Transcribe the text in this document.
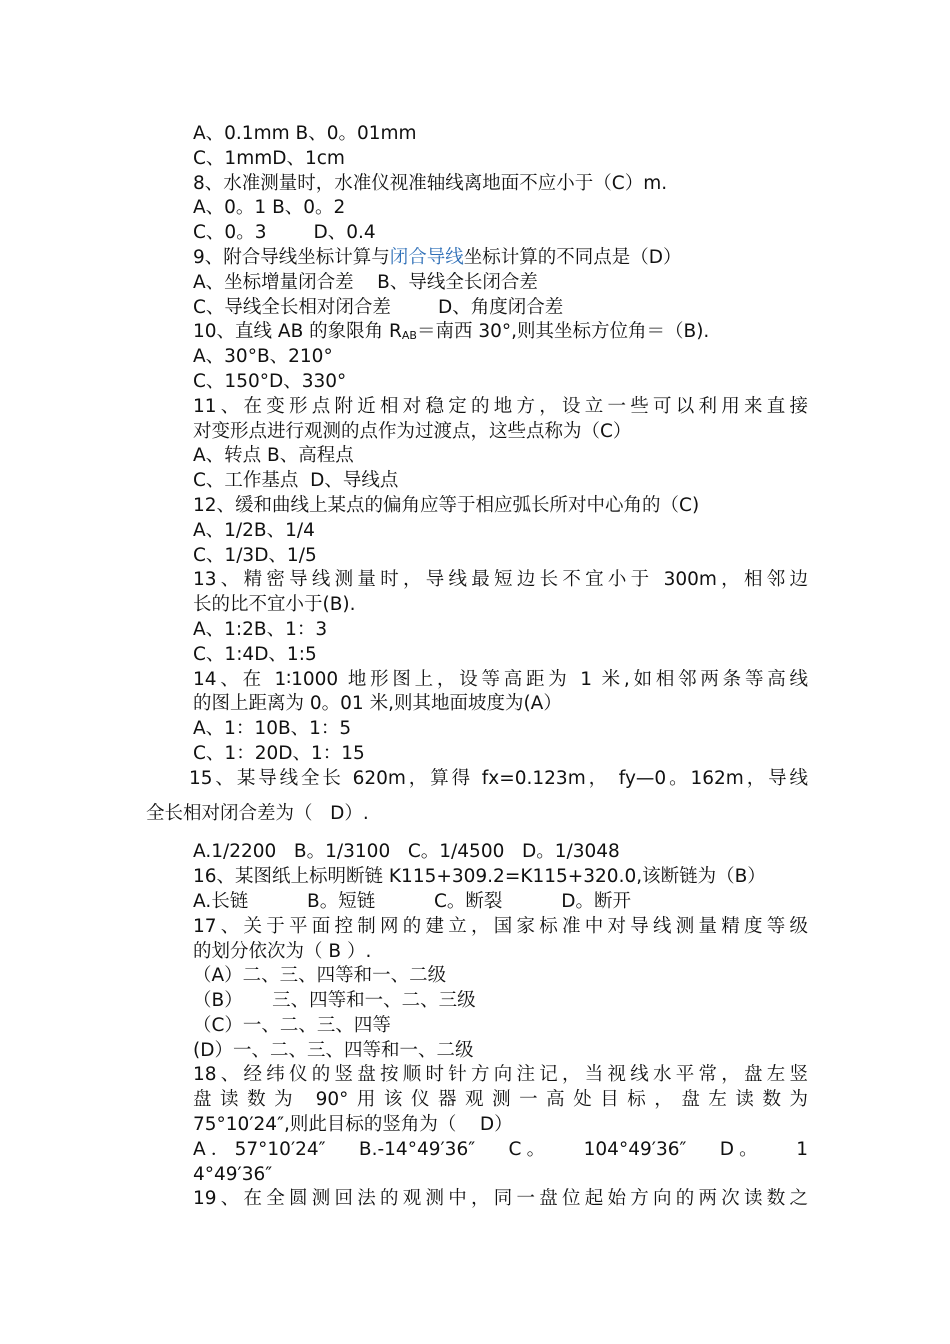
A、0.1mm B、0。01mm
C、1mmD、1cm
8、水准测量时，水准仪视准轴线离地面不应小于（C）m.
A、0。1 B、0。2
C、0。3        D、0.4
9、附合导线坐标计算与闭合导线坐标计算的不同点是（D）
A、坐标增量闭合差    B、导线全长闭合差
C、导线全长相对闭合差        D、角度闭合差
10、直线 AB 的象限角 $R_{AB}=$南西 30°,则其坐标方位角＝（B).
A、30°B、210°
C、150°D、330°
11、在变形点附近相对稳定的地方，设立一些可以利用来直接
对变形点进行观测的点作为过渡点，这些点称为（C）
A、转点 B、高程点
C、工作基点  D、导线点
12、缓和曲线上某点的偏角应等于相应弧长所对中心角的（C)
A、1/2B、1/4
C、1/3D、1/5
13、精密导线测量时，导线最短边长不宜小于 300m，相邻边
长的比不宜小于(B).
A、1:2B、1：3
C、1:4D、1:5
14、在 1∶1000 地形图上，设等高距为 1 米,如相邻两条等高线
的图上距离为 0。01 米,则其地面坡度为(A）
A、1：10B、1：5
C、1：20D、1：15
15、某导线全长 620m，算得 fx=0.123m， fy—0。162m，导线
全长相对闭合差为（   D）.
A.1/2200   B。1/3100   C。1/4500   D。1/3048
16、某图纸上标明断链 K115+309.2=K115+320.0,该断链为（B）
A.长链          B。短链          C。断裂          D。断开
17、关于平面控制网的建立，国家标准中对导线测量精度等级
的划分依次为（ B ）.
（A）二、三、四等和一、二级
（B）     三、四等和一、二、三级
（C）一、二、三、四等
(D）一、二、三、四等和一、二级
18、经纬仪的竖盘按顺时针方向注记，当视线水平常，盘左竖
盘读数为 90°用该仪器观测一高处目标，盘左读数为
75°10′24″,则此目标的竖角为（    D）
A．57°10′24″   B.-14°49′36″   C。   104°49′36″   D。   1
4°49′36″
19、在全圆测回法的观测中，同一盘位起始方向的两次读数之
